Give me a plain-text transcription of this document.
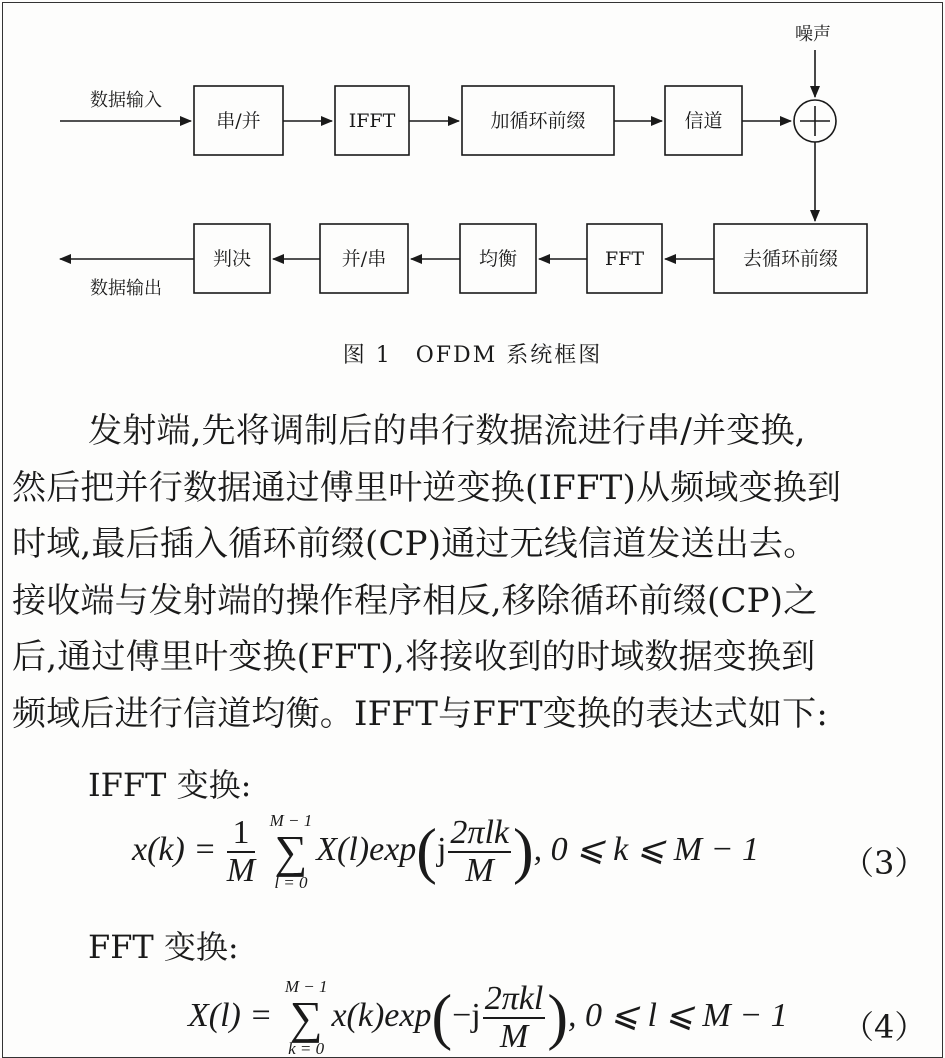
噪声
数据输入
数据输出
串/并	IFFT	加循环前缀	信道
去循环前缀
FFT
均衡
并/串
判决
图 1　OFDM 系统框图
发射端,先将调制后的串行数据流进行串/并变换,
然后把并行数据通过傅里叶逆变换(IFFT)从频域变换到
时域,最后插入循环前缀(CP)通过无线信道发送出去。
接收端与发射端的操作程序相反,移除循环前缀(CP)之
后,通过傅里叶变换(FFT),将接收到的时域数据变换到
频域后进行信道均衡。IFFT与FFT变换的表达式如下:
IFFT 变换:
$x(k) = \frac{1}{M}$
M − 1
∑
l = 0
$X(l)\exp(j \frac{\text{2πlk}}{M}$ ), 0 ⩽ k ⩽ M − 1	（3）
FFT 变换:
X(l) =
M − 1
∑
k = 0
$x(k)\exp(-j \frac{\text{2πkl}}{M}$ ), 0 ⩽ l ⩽ M − 1 （4）
